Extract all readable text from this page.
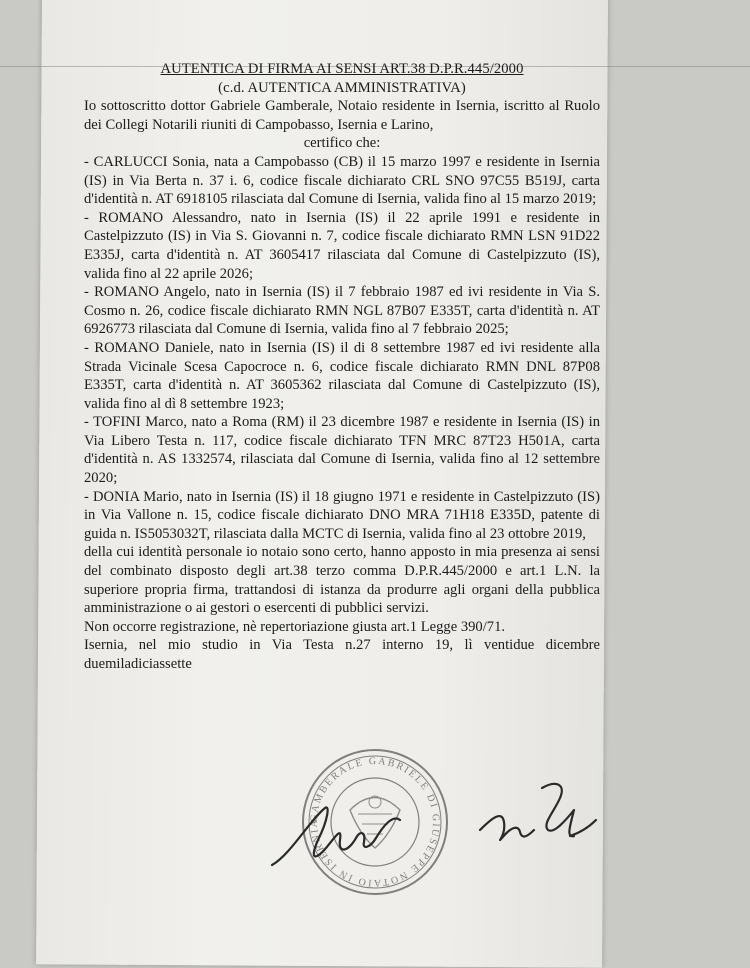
AUTENTICA DI FIRMA AI SENSI ART.38 D.P.R.445/2000

(c.d. AUTENTICA AMMINISTRATIVA)

Io sottoscritto dottor Gabriele Gamberale, Notaio residente in Isernia, iscritto al Ruolo dei Collegi Notarili riuniti di Campobasso, Isernia e Larino,

certifico che:

- CARLUCCI Sonia, nata a Campobasso (CB) il 15 marzo 1997 e residente in Isernia (IS) in Via Berta n. 37 i. 6, codice fiscale dichiarato CRL SNO 97C55 B519J, carta d'identità n. AT 6918105 rilasciata dal Comune di Isernia, valida fino al 15 marzo 2019;

- ROMANO Alessandro, nato in Isernia (IS) il 22 aprile 1991 e residente in Castelpizzuto (IS) in Via S. Giovanni n. 7, codice fiscale dichiarato RMN LSN 91D22 E335J, carta d'identità n. AT 3605417 rilasciata dal Comune di Castelpizzuto (IS), valida fino al 22 aprile 2026;

- ROMANO Angelo, nato in Isernia (IS) il 7 febbraio 1987 ed ivi residente in Via S. Cosmo n. 26, codice fiscale dichiarato RMN NGL 87B07 E335T, carta d'identità n. AT 6926773 rilasciata dal Comune di Isernia, valida fino al 7 febbraio 2025;

- ROMANO Daniele, nato in Isernia (IS) il di 8 settembre 1987 ed ivi residente alla Strada Vicinale Scesa Capocroce n. 6, codice fiscale dichiarato RMN DNL 87P08 E335T, carta d'identità n. AT 3605362 rilasciata dal Comune di Castelpizzuto (IS), valida fino al dì 8 settembre 1923;

- TOFINI Marco, nato a Roma (RM) il 23 dicembre 1987 e residente in Isernia (IS) in Via Libero Testa n. 117, codice fiscale dichiarato TFN MRC 87T23 H501A, carta d'identità n. AS 1332574, rilasciata dal Comune di Isernia, valida fino al 12 settembre 2020;

- DONIA Mario, nato in Isernia (IS) il 18 giugno 1971 e residente in Castelpizzuto (IS) in Via Vallone n. 15, codice fiscale dichiarato DNO MRA 71H18 E335D, patente di guida n. IS5053032T, rilasciata dalla MCTC di Isernia, valida fino al 23 ottobre 2019,

della cui identità personale io notaio sono certo, hanno apposto in mia presenza ai sensi del combinato disposto degli art.38 terzo comma D.P.R.445/2000 e art.1 L.N. la superiore propria firma, trattandosi di istanza da produrre agli organi della pubblica amministrazione o ai gestori o esercenti di pubblici servizi.

Non occorre registrazione, nè repertoriazione giusta art.1 Legge 390/71.

Isernia, nel mio studio in Via Testa n.27 interno 19, lì ventidue dicembre duemiladiciassette

GAMBERALE GABRIELE DI GIUSEPPE NOTAIO IN ISERNIA
